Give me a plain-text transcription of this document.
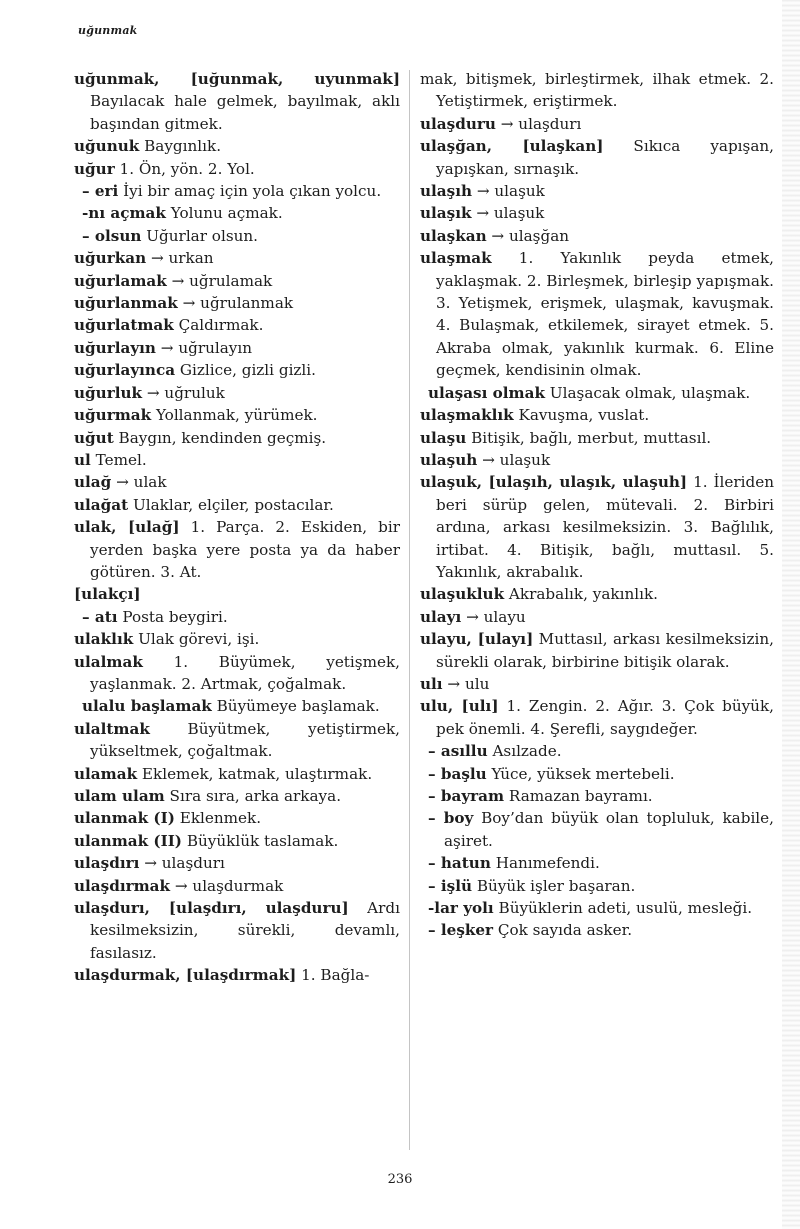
uğunmak
uğunmak, [uğunmak, uyunmak] Bayılacak hale gelmek, bayılmak, aklı başından gitmek.
uğunuk Baygınlık.
uğur 1. Ön, yön. 2. Yol.
– eri İyi bir amaç için yola çıkan yolcu.
-nı açmak Yolunu açmak.
– olsun Uğurlar olsun.
uğurkan → urkan
uğurlamak → uğrulamak
uğurlanmak → uğrulanmak
uğurlatmak Çaldırmak.
uğurlayın → uğrulayın
uğurlayınca Gizlice, gizli gizli.
uğurluk → uğruluk
uğurmak Yollanmak, yürümek.
uğut Baygın, kendinden geçmiş.
ul Temel.
ulağ → ulak
ulağat Ulaklar, elçiler, postacılar.
ulak, [ulağ] 1. Parça. 2. Eskiden, bir yerden başka yere posta ya da haber götüren. 3. At.
[ulakçı]
– atı Posta beygiri.
ulaklık Ulak görevi, işi.
ulalmak 1. Büyümek, yetişmek, yaşlanmak. 2. Artmak, çoğalmak.
ulalu başlamak Büyümeye başlamak.
ulaltmak Büyütmek, yetiştirmek, yükseltmek, çoğaltmak.
ulamak Eklemek, katmak, ulaştırmak.
ulam ulam Sıra sıra, arka arkaya.
ulanmak (I) Eklenmek.
ulanmak (II) Büyüklük taslamak.
ulaşdırı → ulaşdurı
ulaşdırmak → ulaşdurmak
ulaşdurı, [ulaşdırı, ulaşduru] Ardı kesilmeksizin, sürekli, devamlı, fasılasız.
ulaşdurmak, [ulaşdırmak] 1. Bağla-
mak, bitişmek, birleştirmek, ilhak etmek. 2. Yetiştirmek, eriştirmek.
ulaşduru → ulaşdurı
ulaşğan, [ulaşkan] Sıkıca yapışan, yapışkan, sırnaşık.
ulaşıh → ulaşuk
ulaşık → ulaşuk
ulaşkan → ulaşğan
ulaşmak 1. Yakınlık peyda etmek, yaklaşmak. 2. Birleşmek, birleşip yapışmak. 3. Yetişmek, erişmek, ulaşmak, kavuşmak. 4. Bulaşmak, etkilemek, sirayet etmek. 5. Akraba olmak, yakınlık kurmak. 6. Eline geçmek, kendisinin olmak.
ulaşası olmak Ulaşacak olmak, ulaşmak.
ulaşmaklık Kavuşma, vuslat.
ulaşu Bitişik, bağlı, merbut, muttasıl.
ulaşuh → ulaşuk
ulaşuk, [ulaşıh, ulaşık, ulaşuh] 1. İleriden beri sürüp gelen, mütevali. 2. Birbiri ardına, arkası kesilmeksizin. 3. Bağlılık, irtibat. 4. Bitişik, bağlı, muttasıl. 5. Yakınlık, akrabalık.
ulaşukluk Akrabalık, yakınlık.
ulayı → ulayu
ulayu, [ulayı] Muttasıl, arkası kesilmeksizin, sürekli olarak, birbirine bitişik olarak.
ulı → ulu
ulu, [ulı] 1. Zengin. 2. Ağır. 3. Çok büyük, pek önemli. 4. Şerefli, saygıdeğer.
– asıllu Asılzade.
– başlu Yüce, yüksek mertebeli.
– bayram Ramazan bayramı.
– boy Boy’dan büyük olan topluluk, kabile, aşiret.
– hatun Hanımefendi.
– işlü Büyük işler başaran.
-lar yolı Büyüklerin adeti, usulü, mesleği.
– leşker Çok sayıda asker.
236
